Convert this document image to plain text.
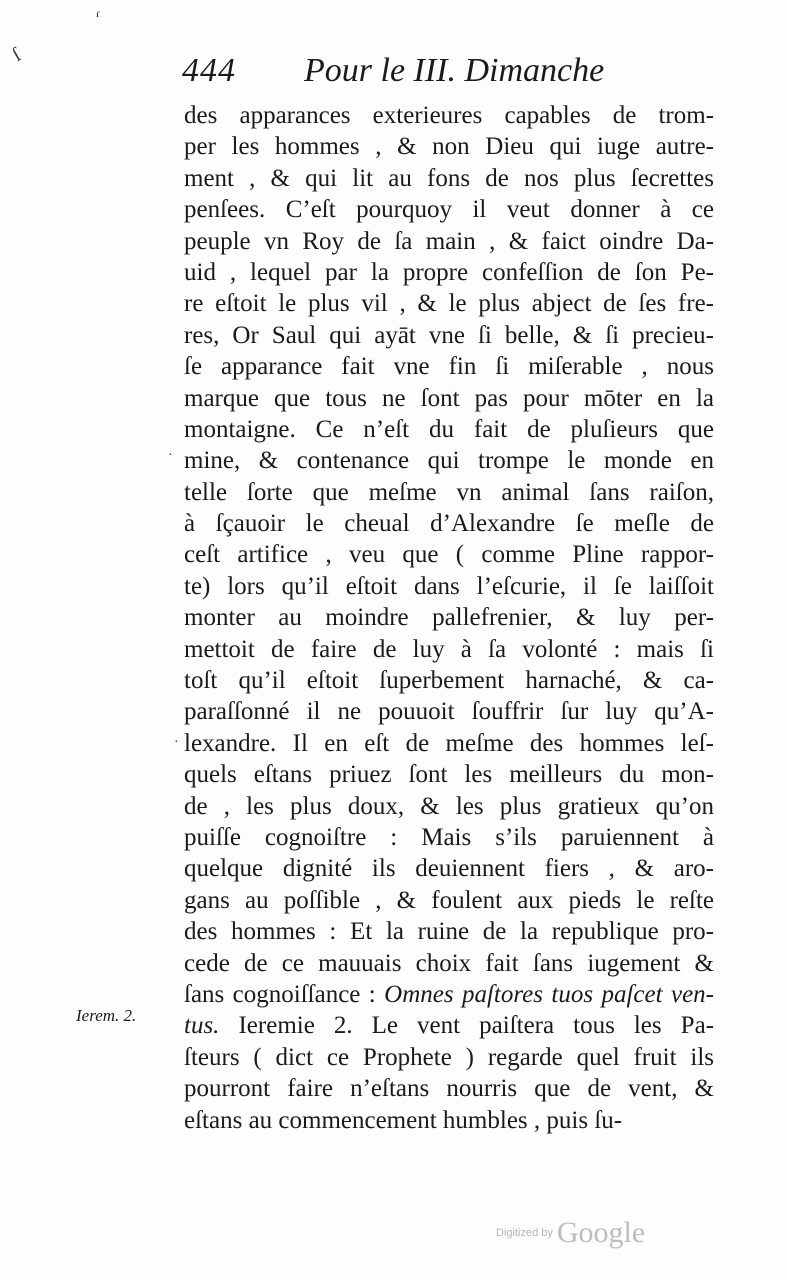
ſ
ɾ
·
·
444 Pour le III. Dimanche
des apparances exterieures capables de trom-
per les hommes , & non Dieu qui iuge autre-
ment , & qui lit au fons de nos plus ſecrettes
penſees. C’eſt pourquoy il veut donner à ce
peuple vn Roy de ſa main , & faict oindre Da-
uid , lequel par la propre confeſſion de ſon Pe-
re eſtoit le plus vil , & le plus abject de ſes fre-
res, Or Saul qui ayāt vne ſi belle, & ſi precieu-
ſe apparance fait vne fin ſi miſerable , nous
marque que tous ne ſont pas pour mōter en la
montaigne. Ce n’eſt du fait de pluſieurs que
mine, & contenance qui trompe le monde en
telle ſorte que meſme vn animal ſans raiſon,
à ſçauoir le cheual d’Alexandre ſe meſle de
ceſt artifice , veu que ( comme Pline rappor-
te) lors qu’il eſtoit dans l’eſcurie, il ſe laiſſoit
monter au moindre pallefrenier, & luy per-
mettoit de faire de luy à ſa volonté : mais ſi
toſt qu’il eſtoit ſuperbement harnaché, & ca-
paraſſonné il ne pouuoit ſouffrir ſur luy qu’A-
lexandre. Il en eſt de meſme des hommes leſ-
quels eſtans priuez ſont les meilleurs du mon-
de , les plus doux, & les plus gratieux qu’on
puiſſe cognoiſtre : Mais s’ils paruiennent à
quelque dignité ils deuiennent fiers , & aro-
gans au poſſible , & foulent aux pieds le reſte
des hommes : Et la ruine de la republique pro-
cede de ce mauuais choix fait ſans iugement &
ſans cognoiſſance : Omnes paſtores tuos paſcet ven-
tus. Ieremie 2. Le vent paiſtera tous les Pa-
ſteurs ( dict ce Prophete ) regarde quel fruit ils
pourront faire n’eſtans nourris que de vent, &
eſtans au commencement humbles , puis ſu-
Ierem. 2.
Digitized by Google
